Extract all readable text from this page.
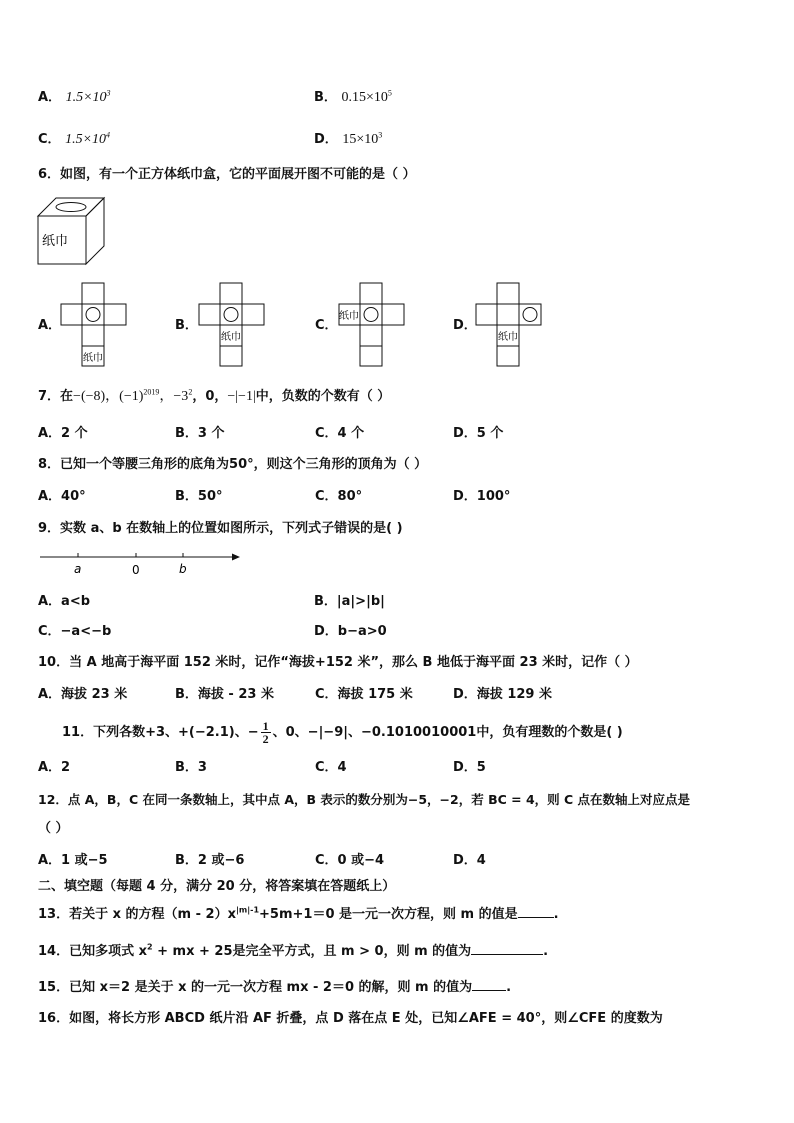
A． $1.5\times 10^3$	B． $0.15\times 10^5$
C． $1.5\times 10^4$	D． $15\times 10^3$
6．如图，有一个正方体纸巾盒，它的平面展开图不可能的是（ ）
纸巾
A．
纸巾
B．
纸巾
C．
纸巾
D．
纸巾
7．在−(−8)，$(-1)^{2019}$，$-3^2$，0，−|−1|中，负数的个数有（ ）
A．2 个	B．3 个	C．4 个	D．5 个
8．已知一个等腰三角形的底角为50°，则这个三角形的顶角为（ ）
A．40°	B．50°	C．80°	D．100°
9．实数 a、b 在数轴上的位置如图所示，下列式子错误的是( )
a	0	b
A．a<b	B．|a|>|b|
C．−a<−b	D．b−a>0
10．当 A 地高于海平面 152 米时，记作“海拔+152 米”，那么 B 地低于海平面 23 米时，记作（ ）
A．海拔 23 米	B．海拔 - 23 米	C．海拔 175 米	D．海拔 129 米
11．下列各数+3、+(−2.1)、− $\frac{1}{2}$ 、0、−|−9|、−0.1010010001中，负有理数的个数是( )
A．2	B．3	C．4	D．5
12．点 A，B，C 在同一条数轴上，其中点 A，B 表示的数分别为−5，−2，若 BC = 4，则 C 点在数轴上对应点是
（ ）
A．1 或−5	B．2 或−6	C．0 或−4	D．4
二、填空题（每题 4 分，满分 20 分，将答案填在答题纸上）
13．若关于 x 的方程$(m - 2)x^{|m|-1}+5m+1=0$ 是一元一次方程，则 m 的值是	.
14．已知多项式 $x^2$ + mx + 25是完全平方式，且 m > 0，则 m 的值为	.
15．已知 x＝2 是关于 x 的一元一次方程 mx - 2＝0 的解，则 m 的值为	.
16．如图，将长方形 ABCD 纸片沿 AF 折叠，点 D 落在点 E 处，已知∠AFE = 40°，则∠CFE 的度数为
